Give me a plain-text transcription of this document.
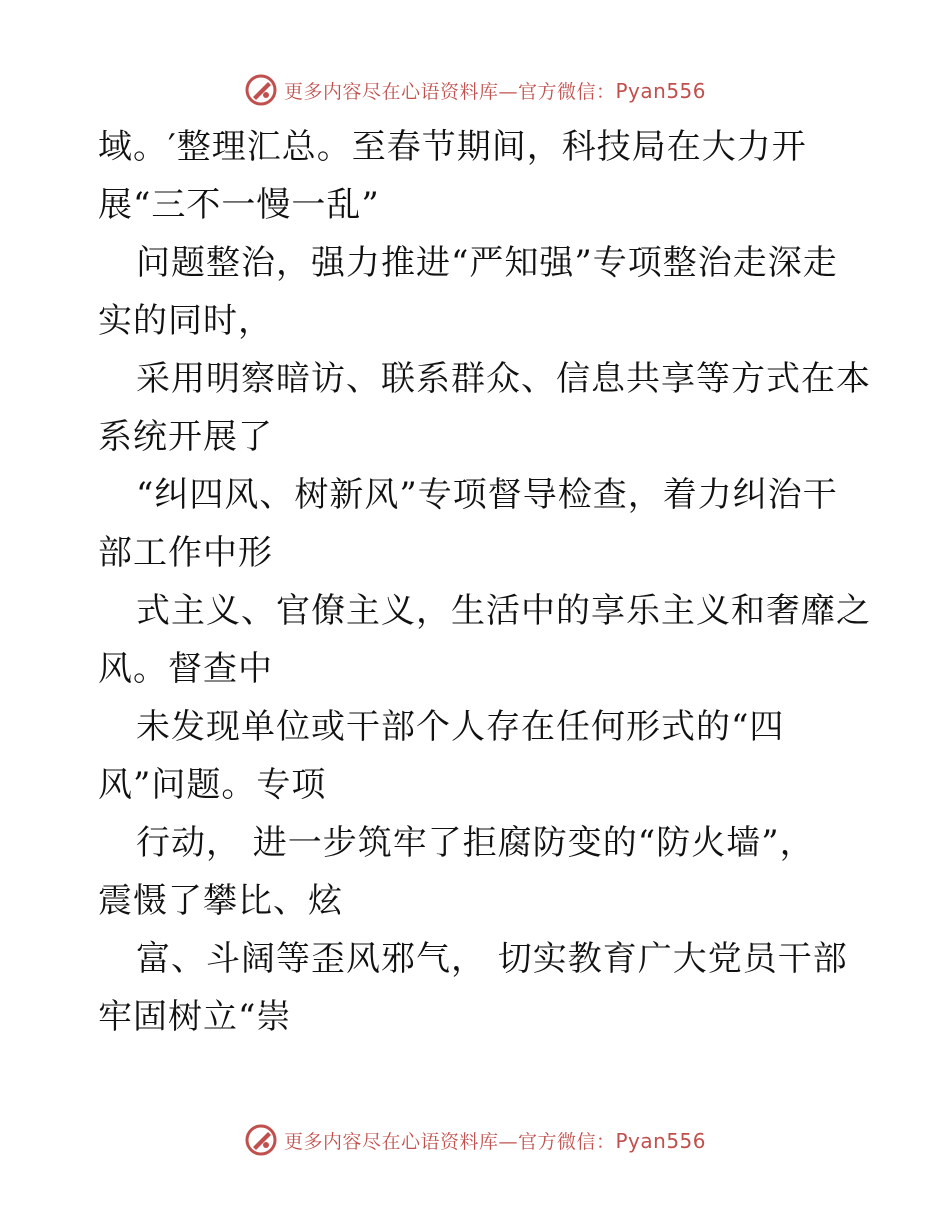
更多内容尽在心语资料库—官方微信：Pyan556
域。′整理汇总。至春节期间，科技局在大力开
展“三不一慢一乱”
问题整治，强力推进“严知强”专项整治走深走
实的同时，
采用明察暗访、联系群众、信息共享等方式在本
系统开展了
“纠四风、树新风”专项督导检查，着力纠治干
部工作中形
式主义、官僚主义，生活中的享乐主义和奢靡之
风。督查中
未发现单位或干部个人存在任何形式的“四
风”问题。专项
行动， 进一步筑牢了拒腐防变的“防火墙”，
震慑了攀比、炫
富、斗阔等歪风邪气， 切实教育广大党员干部
牢固树立“崇
更多内容尽在心语资料库—官方微信：Pyan556
